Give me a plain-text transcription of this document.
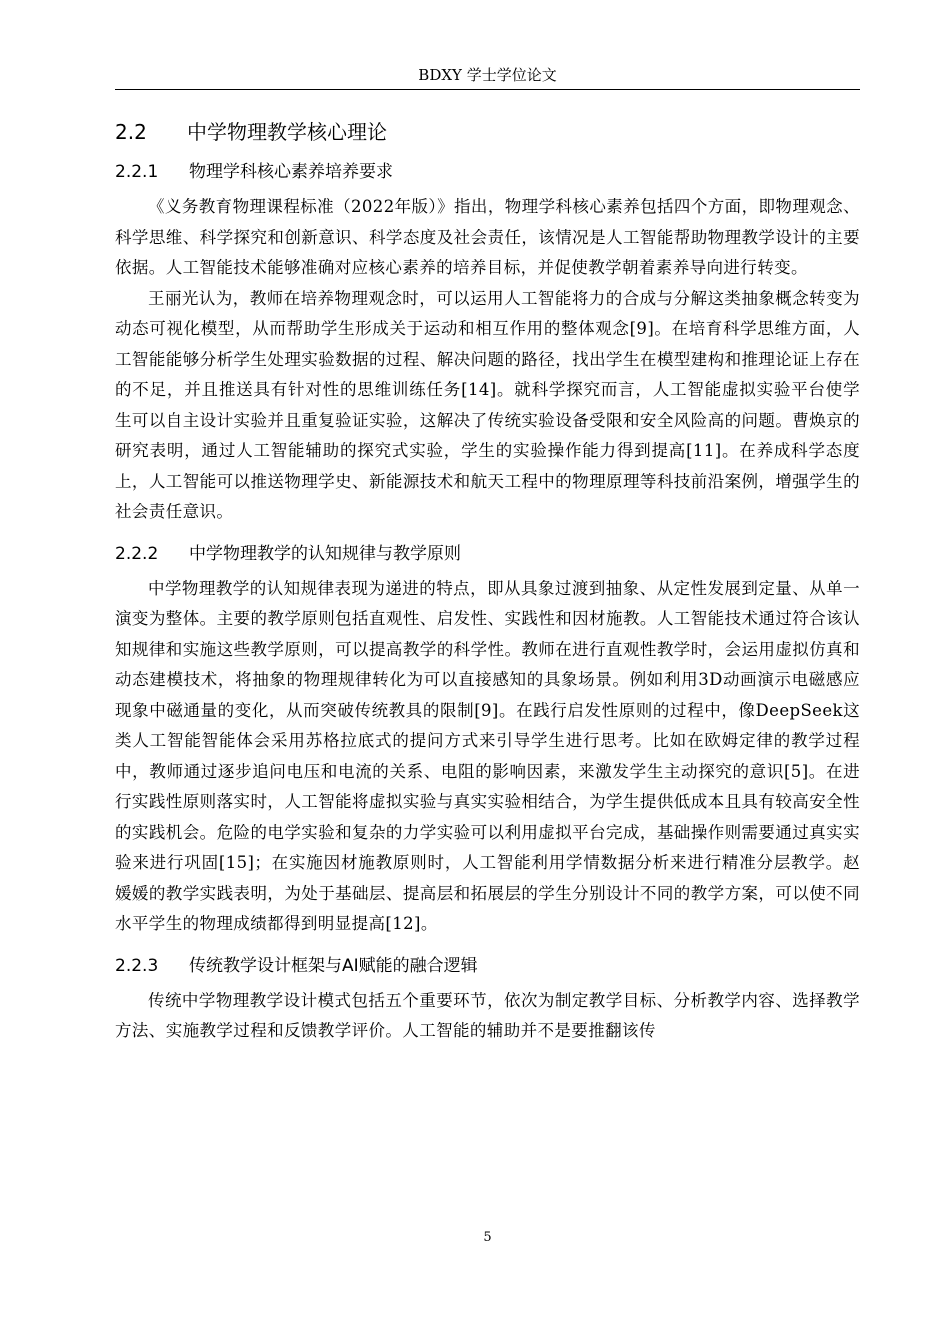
BDXY 学士学位论文
2.2 中学物理教学核心理论
2.2.1 物理学科核心素养培养要求

《义务教育物理课程标准（2022年版）》指出，物理学科核心素养包括四个方面，即物理观念、科学思维、科学探究和创新意识、科学态度及社会责任，该情况是人工智能帮助物理教学设计的主要依据。人工智能技术能够准确对应核心素养的培养目标，并促使教学朝着素养导向进行转变。

王丽光认为，教师在培养物理观念时，可以运用人工智能将力的合成与分解这类抽象概念转变为动态可视化模型，从而帮助学生形成关于运动和相互作用的整体观念[9]。在培育科学思维方面，人工智能能够分析学生处理实验数据的过程、解决问题的路径，找出学生在模型建构和推理论证上存在的不足，并且推送具有针对性的思维训练任务[14]。就科学探究而言，人工智能虚拟实验平台使学生可以自主设计实验并且重复验证实验，这解决了传统实验设备受限和安全风险高的问题。曹焕京的研究表明，通过人工智能辅助的探究式实验，学生的实验操作能力得到提高[11]。在养成科学态度上，人工智能可以推送物理学史、新能源技术和航天工程中的物理原理等科技前沿案例，增强学生的社会责任意识。

2.2.2 中学物理教学的认知规律与教学原则

中学物理教学的认知规律表现为递进的特点，即从具象过渡到抽象、从定性发展到定量、从单一演变为整体。主要的教学原则包括直观性、启发性、实践性和因材施教。人工智能技术通过符合该认知规律和实施这些教学原则，可以提高教学的科学性。教师在进行直观性教学时，会运用虚拟仿真和动态建模技术，将抽象的物理规律转化为可以直接感知的具象场景。例如利用3D动画演示电磁感应现象中磁通量的变化，从而突破传统教具的限制[9]。在践行启发性原则的过程中，像DeepSeek这类人工智能智能体会采用苏格拉底式的提问方式来引导学生进行思考。比如在欧姆定律的教学过程中，教师通过逐步追问电压和电流的关系、电阻的影响因素，来激发学生主动探究的意识[5]。在进行实践性原则落实时，人工智能将虚拟实验与真实实验相结合，为学生提供低成本且具有较高安全性的实践机会。危险的电学实验和复杂的力学实验可以利用虚拟平台完成，基础操作则需要通过真实实验来进行巩固[15]；在实施因材施教原则时，人工智能利用学情数据分析来进行精准分层教学。赵媛媛的教学实践表明，为处于基础层、提高层和拓展层的学生分别设计不同的教学方案，可以使不同水平学生的物理成绩都得到明显提高[12]。

2.2.3 传统教学设计框架与AI赋能的融合逻辑

传统中学物理教学设计模式包括五个重要环节，依次为制定教学目标、分析教学内容、选择教学方法、实施教学过程和反馈教学评价。人工智能的辅助并不是要推翻该传

5
